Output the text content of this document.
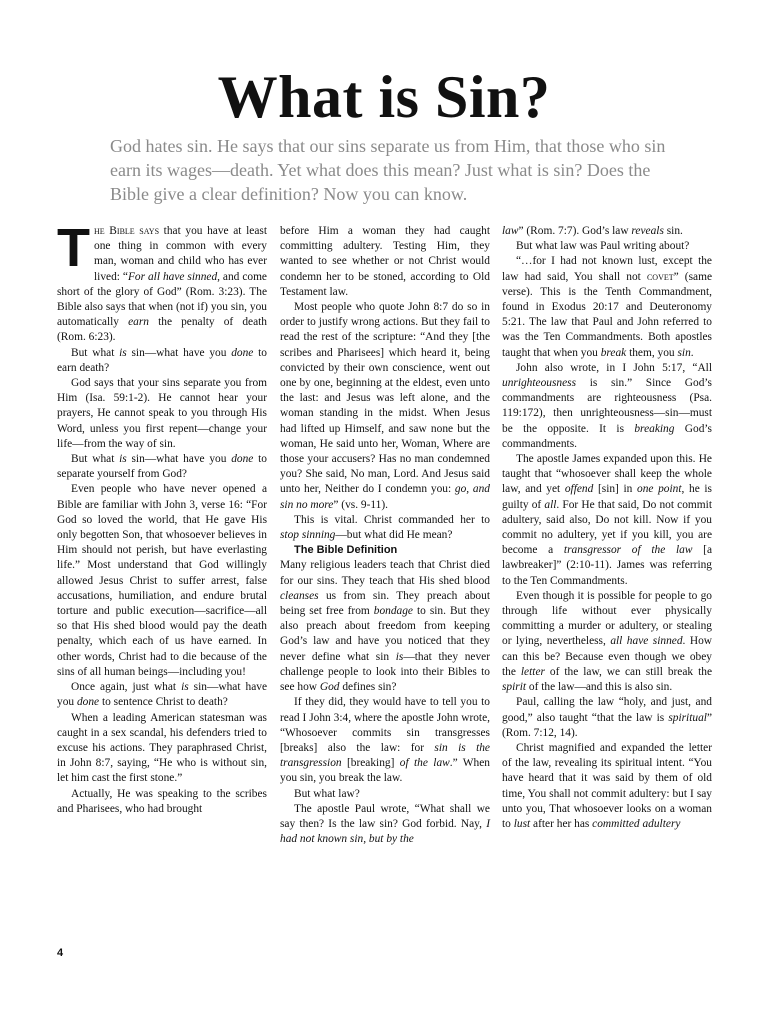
What is Sin?

God hates sin. He says that our sins separate us from Him, that those who sin earn its wages—death. Yet what does this mean? Just what is sin? Does the Bible give a clear definition? Now you can know.

The Bible says that you have at least one thing in common with every man, woman and child who has ever lived: “For all have sinned, and come short of the glory of God” (Rom. 3:23). The Bible also says that when (not if) you sin, you automatically earn the penalty of death (Rom. 6:23).

But what is sin—what have you done to earn death?

God says that your sins separate you from Him (Isa. 59:1-2). He cannot hear your prayers, He cannot speak to you through His Word, unless you first repent—change your life—from the way of sin.

But what is sin—what have you done to separate yourself from God?

Even people who have never opened a Bible are familiar with John 3, verse 16: “For God so loved the world, that He gave His only begotten Son, that whosoever believes in Him should not perish, but have everlasting life.” Most understand that God willingly allowed Jesus Christ to suffer arrest, false accusations, humiliation, and endure brutal torture and public execution—sacrifice—all so that His shed blood would pay the death penalty, which each of us have earned. In other words, Christ had to die because of the sins of all human beings—including you!

Once again, just what is sin—what have you done to sentence Christ to death?

When a leading American statesman was caught in a sex scandal, his defenders tried to excuse his actions. They paraphrased Christ, in John 8:7, saying, “He who is without sin, let him cast the first stone.”

Actually, He was speaking to the scribes and Pharisees, who had brought

before Him a woman they had caught committing adultery. Testing Him, they wanted to see whether or not Christ would condemn her to be stoned, according to Old Testament law.

Most people who quote John 8:7 do so in order to justify wrong actions. But they fail to read the rest of the scripture: “And they [the scribes and Pharisees] which heard it, being convicted by their own conscience, went out one by one, beginning at the eldest, even unto the last: and Jesus was left alone, and the woman standing in the midst. When Jesus had lifted up Himself, and saw none but the woman, He said unto her, Woman, Where are those your accusers? Has no man condemned you? She said, No man, Lord. And Jesus said unto her, Neither do I condemn you: go, and sin no more” (vs. 9-11).

This is vital. Christ commanded her to stop sinning—but what did He mean?

The Bible Definition

Many religious leaders teach that Christ died for our sins. They teach that His shed blood cleanses us from sin. They preach about being set free from bondage to sin. But they also preach about freedom from keeping God’s law and have you noticed that they never define what sin is—that they never challenge people to look into their Bibles to see how God defines sin?

If they did, they would have to tell you to read I John 3:4, where the apostle John wrote, “Whosoever commits sin transgresses [breaks] also the law: for sin is the transgression [breaking] of the law.” When you sin, you break the law.

But what law?

The apostle Paul wrote, “What shall we say then? Is the law sin? God forbid. Nay, I had not known sin, but by the

law” (Rom. 7:7). God’s law reveals sin.

But what law was Paul writing about?

“…for I had not known lust, except the law had said, You shall not covet” (same verse). This is the Tenth Commandment, found in Exodus 20:17 and Deuteronomy 5:21. The law that Paul and John referred to was the Ten Commandments. Both apostles taught that when you break them, you sin.

John also wrote, in I John 5:17, “All unrighteousness is sin.” Since God’s commandments are righteousness (Psa. 119:172), then unrighteousness—sin—must be the opposite. It is breaking God’s commandments.

The apostle James expanded upon this. He taught that “whosoever shall keep the whole law, and yet offend [sin] in one point, he is guilty of all. For He that said, Do not commit adultery, said also, Do not kill. Now if you commit no adultery, yet if you kill, you are become a transgressor of the law [a lawbreaker]” (2:10-11). James was referring to the Ten Commandments.

Even though it is possible for people to go through life without ever physically committing a murder or adultery, or stealing or lying, nevertheless, all have sinned. How can this be? Because even though we obey the letter of the law, we can still break the spirit of the law—and this is also sin.

Paul, calling the law “holy, and just, and good,” also taught “that the law is spiritual” (Rom. 7:12, 14).

Christ magnified and expanded the letter of the law, revealing its spiritual intent. “You have heard that it was said by them of old time, You shall not commit adultery: but I say unto you, That whosoever looks on a woman to lust after her has committed adultery

4
